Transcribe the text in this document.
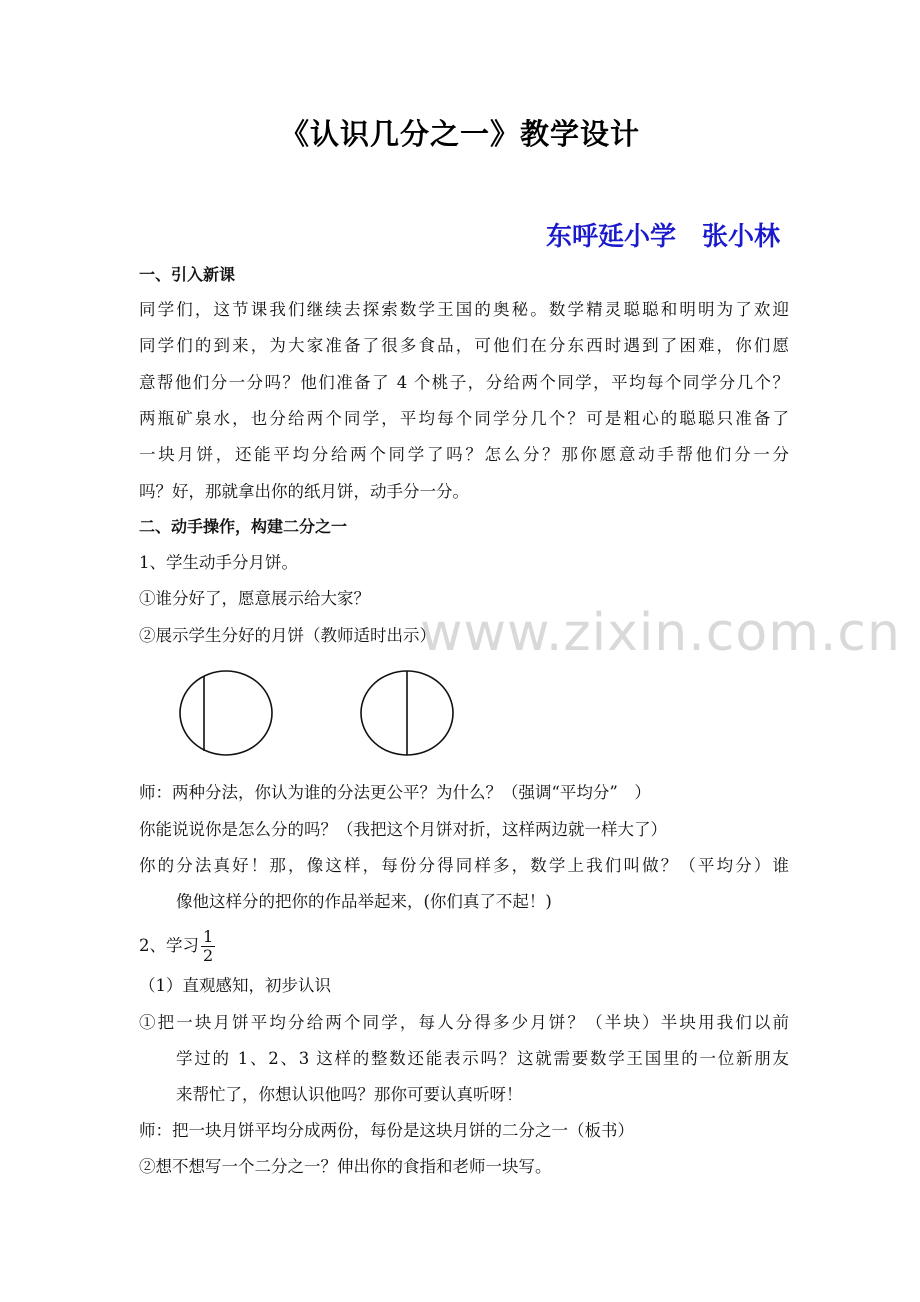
《认识几分之一》教学设计
东呼延小学　张小林
一、引入新课
同学们，这节课我们继续去探索数学王国的奥秘。数学精灵聪聪和明明为了欢迎
同学们的到来，为大家准备了很多食品，可他们在分东西时遇到了困难，你们愿
意帮他们分一分吗？他们准备了 4 个桃子，分给两个同学，平均每个同学分几个？
两瓶矿泉水，也分给两个同学，平均每个同学分几个？可是粗心的聪聪只准备了
一块月饼，还能平均分给两个同学了吗？怎么分？那你愿意动手帮他们分一分
吗？好，那就拿出你的纸月饼，动手分一分。
二、动手操作，构建二分之一
1、学生动手分月饼。
①谁分好了，愿意展示给大家？
②展示学生分好的月饼（教师适时出示）
www.zixin.com.cn
师：两种分法，你认为谁的分法更公平？为什么？（强调“平均分”　）
你能说说你是怎么分的吗？（我把这个月饼对折，这样两边就一样大了）
你的分法真好！那，像这样，每份分得同样多，数学上我们叫做？（平均分）谁
像他这样分的把你的作品举起来，(你们真了不起！)
2、学习 $\frac{1}{2}$
（1）直观感知，初步认识
①把一块月饼平均分给两个同学，每人分得多少月饼？（半块）半块用我们以前
学过的 1、2、3 这样的整数还能表示吗？这就需要数学王国里的一位新朋友
来帮忙了，你想认识他吗？那你可要认真听呀！
师：把一块月饼平均分成两份，每份是这块月饼的二分之一（板书）
②想不想写一个二分之一？伸出你的食指和老师一块写。
